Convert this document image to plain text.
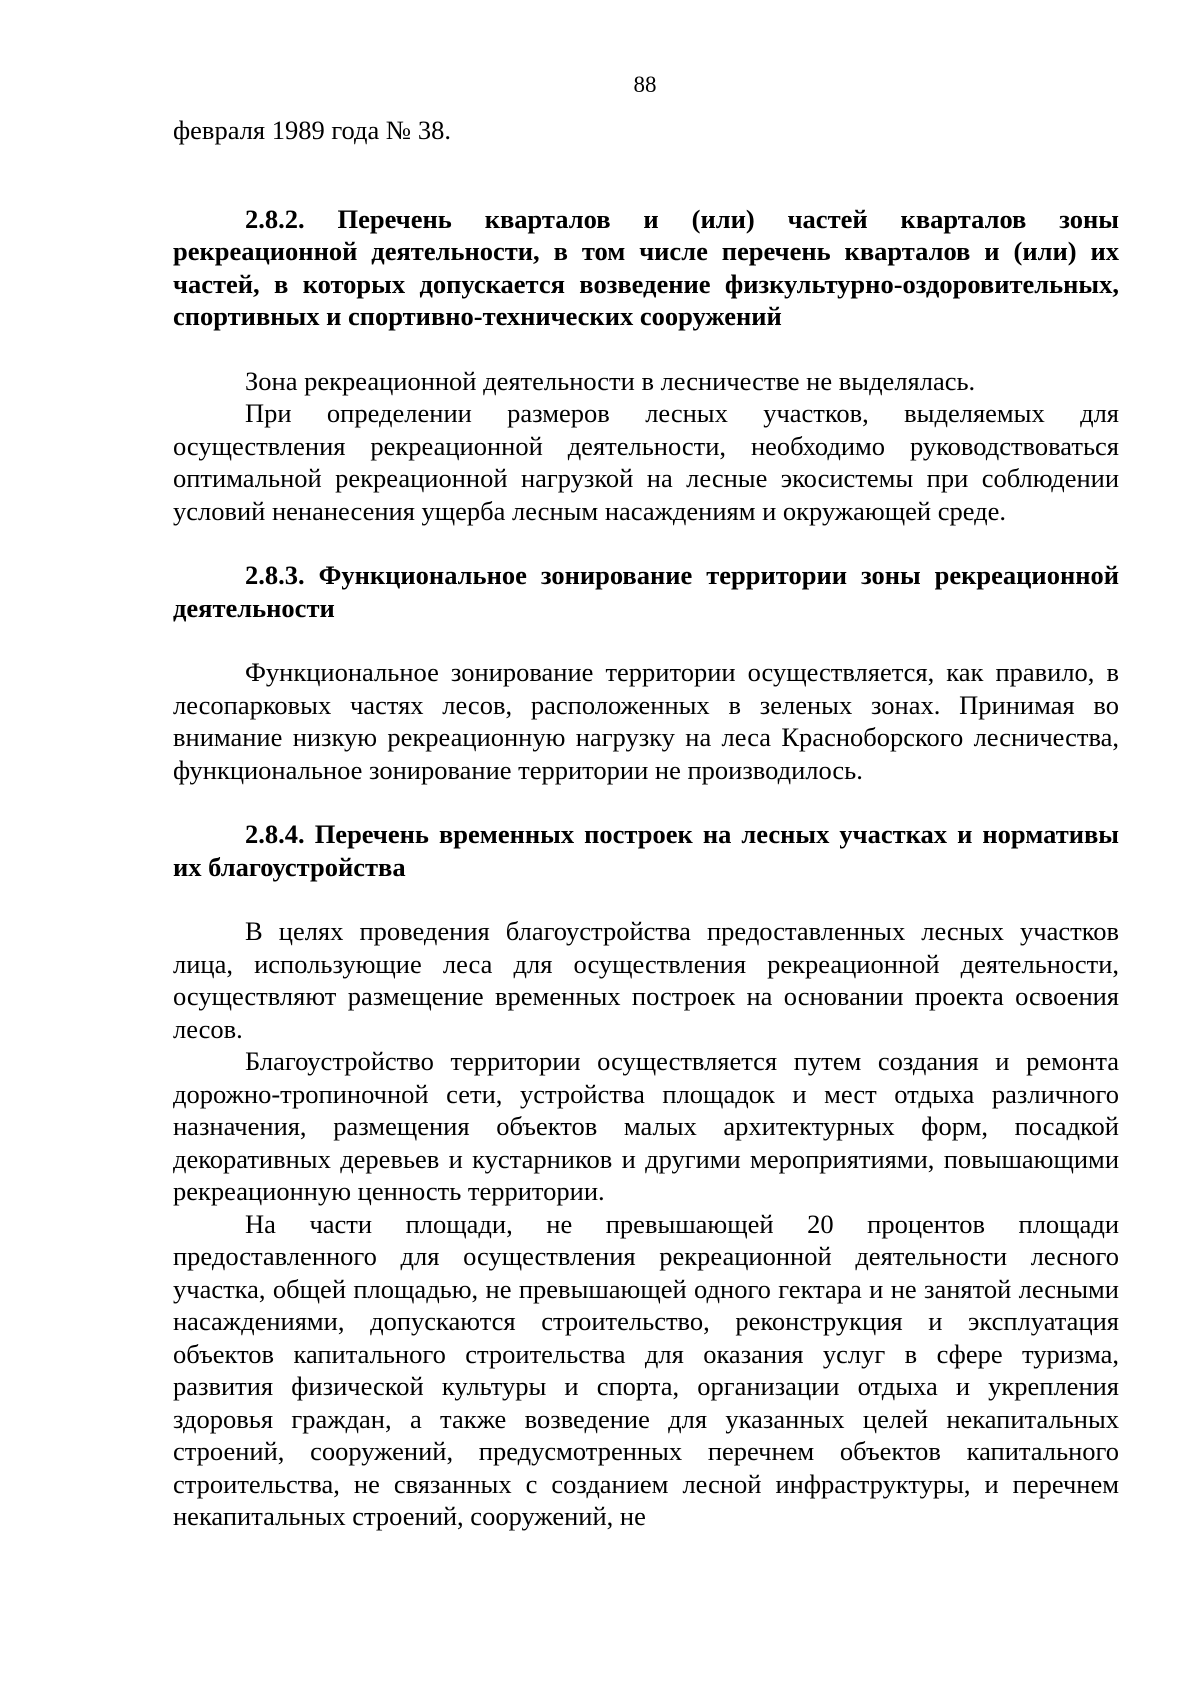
88

февраля 1989 года № 38.

2.8.2. Перечень кварталов и (или) частей кварталов зоны рекреационной деятельности, в том числе перечень кварталов и (или) их частей, в которых допускается возведение физкультурно-оздоровительных, спортивных и спортивно-технических сооружений

Зона рекреационной деятельности в лесничестве не выделялась.

При определении размеров лесных участков, выделяемых для осуществления рекреационной деятельности, необходимо руководствоваться оптимальной рекреационной нагрузкой на лесные экосистемы при соблюдении условий ненанесения ущерба лесным насаждениям и окружающей среде.

2.8.3. Функциональное зонирование территории зоны рекреационной деятельности

Функциональное зонирование территории осуществляется, как правило, в лесопарковых частях лесов, расположенных в зеленых зонах. Принимая во внимание низкую рекреационную нагрузку на леса Красноборского лесничества, функциональное зонирование территории не производилось.

2.8.4. Перечень временных построек на лесных участках и нормативы их благоустройства

В целях проведения благоустройства предоставленных лесных участков лица, использующие леса для осуществления рекреационной деятельности, осуществляют размещение временных построек на основании проекта освоения лесов.

Благоустройство территории осуществляется путем создания и ремонта дорожно-тропиночной сети, устройства площадок и мест отдыха различного назначения, размещения объектов малых архитектурных форм, посадкой декоративных деревьев и кустарников и другими мероприятиями, повышающими рекреационную ценность территории.

На части площади, не превышающей 20 процентов площади предоставленного для осуществления рекреационной деятельности лесного участка, общей площадью, не превышающей одного гектара и не занятой лесными насаждениями, допускаются строительство, реконструкция и эксплуатация объектов капитального строительства для оказания услуг в сфере туризма, развития физической культуры и спорта, организации отдыха и укрепления здоровья граждан, а также возведение для указанных целей некапитальных строений, сооружений, предусмотренных перечнем объектов капитального строительства, не связанных с созданием лесной инфраструктуры, и перечнем некапитальных строений, сооружений, не
